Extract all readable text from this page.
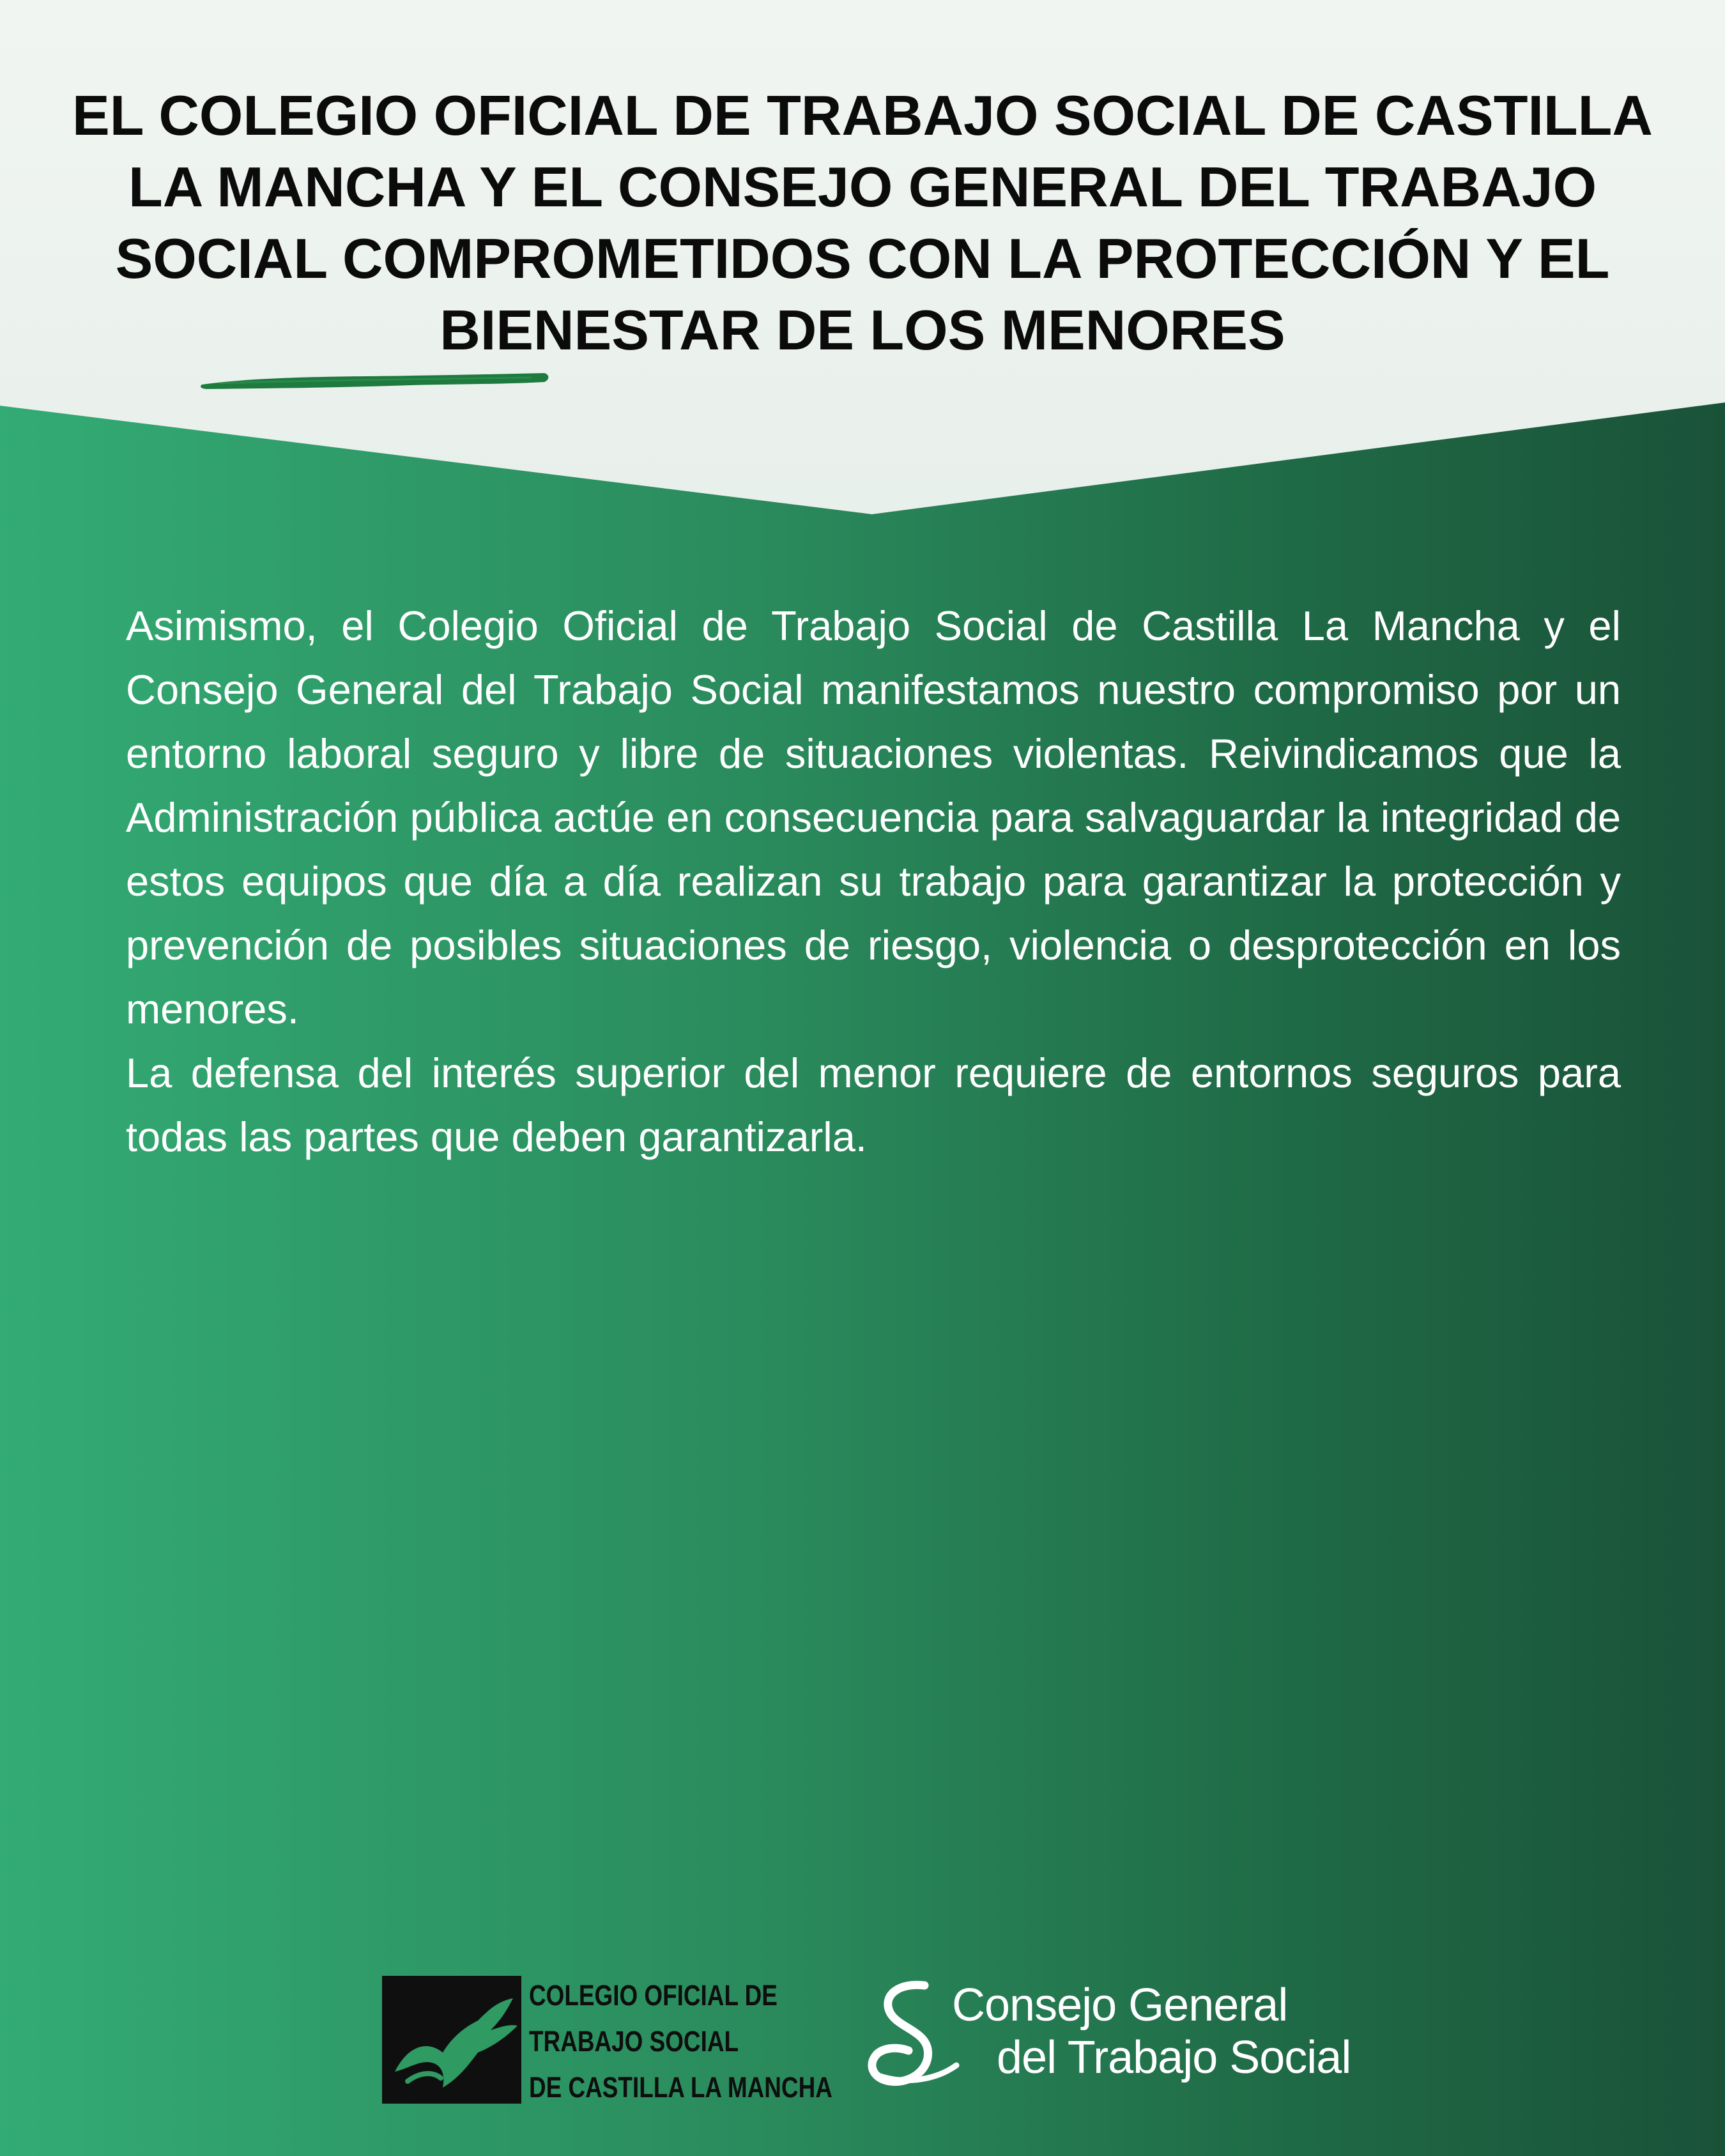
EL COLEGIO OFICIAL DE TRABAJO SOCIAL DE CASTILLA LA MANCHA Y EL CONSEJO GENERAL DEL TRABAJO SOCIAL COMPROMETIDOS CON LA PROTECCIÓN Y EL BIENESTAR DE LOS MENORES

Asimismo, el Colegio Oficial de Trabajo Social de Castilla La Mancha y el Consejo General del Trabajo Social manifestamos nuestro compromiso por un entorno laboral seguro y libre de situaciones violentas. Reivindicamos que la Administración pública actúe en consecuencia para salvaguardar la integridad de estos equipos que día a día realizan su trabajo para garantizar la protección y prevención de posibles situaciones de riesgo, violencia o desprotección en los menores.

La defensa del interés superior del menor requiere de entornos seguros para todas las partes que deben garantizarla.

COLEGIO OFICIAL DE
TRABAJO SOCIAL
DE CASTILLA LA MANCHA
Consejo General
del Trabajo Social
